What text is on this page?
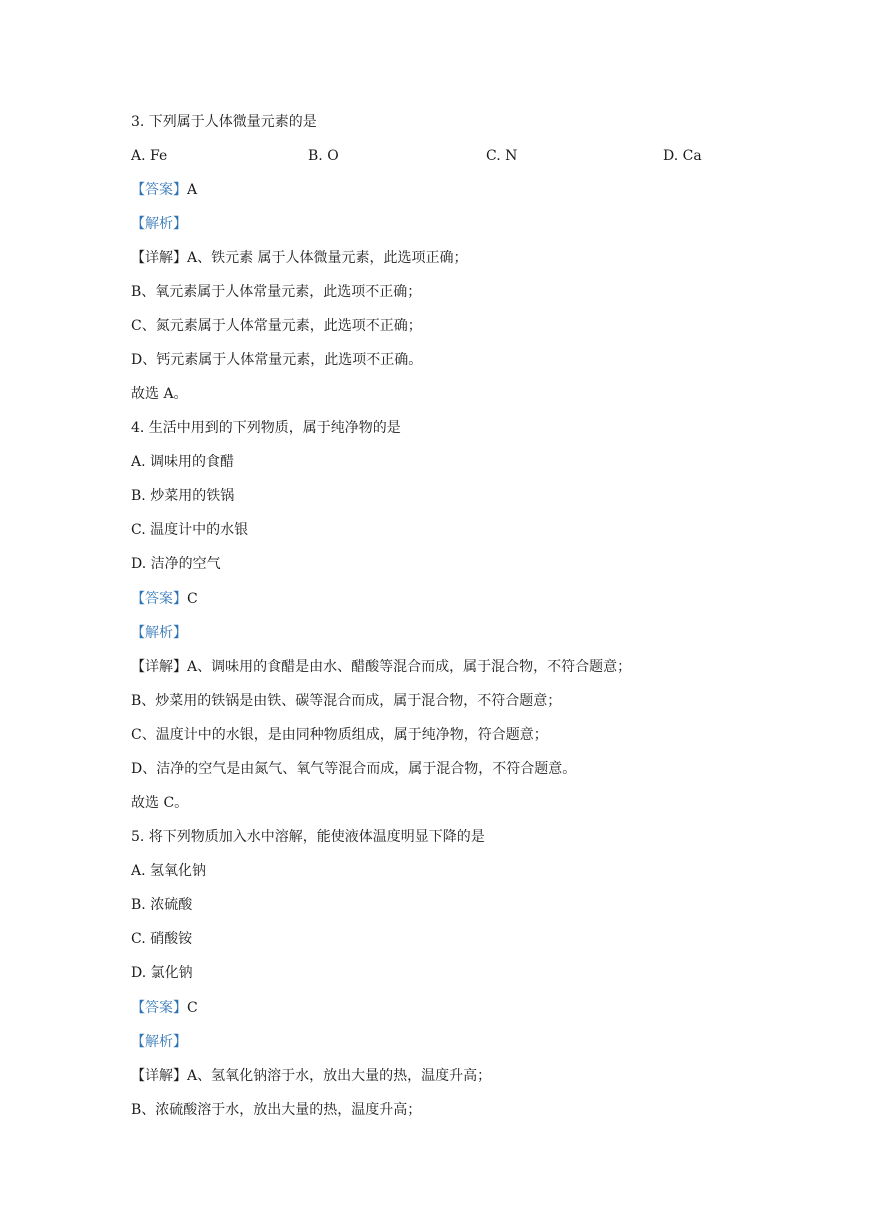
3. 下列属于人体微量元素的是
A. Fe	B. O	C. N	D. Ca
【答案】A
【解析】
【详解】A、铁元素 属于人体微量元素，此选项正确；
B、氧元素属于人体常量元素，此选项不正确；
C、氮元素属于人体常量元素，此选项不正确；
D、钙元素属于人体常量元素，此选项不正确。
故选 A。
4. 生活中用到的下列物质，属于纯净物的是
A. 调味用的食醋
B. 炒菜用的铁锅
C. 温度计中的水银
D. 洁净的空气
【答案】C
【解析】
【详解】A、调味用的食醋是由水、醋酸等混合而成，属于混合物，不符合题意；
B、炒菜用的铁锅是由铁、碳等混合而成，属于混合物，不符合题意；
C、温度计中的水银，是由同种物质组成，属于纯净物，符合题意；
D、洁净的空气是由氮气、氧气等混合而成，属于混合物，不符合题意。
故选 C。
5. 将下列物质加入水中溶解，能使液体温度明显下降的是
A. 氢氧化钠
B. 浓硫酸
C. 硝酸铵
D. 氯化钠
【答案】C
【解析】
【详解】A、氢氧化钠溶于水，放出大量的热，温度升高；
B、浓硫酸溶于水，放出大量的热，温度升高；
